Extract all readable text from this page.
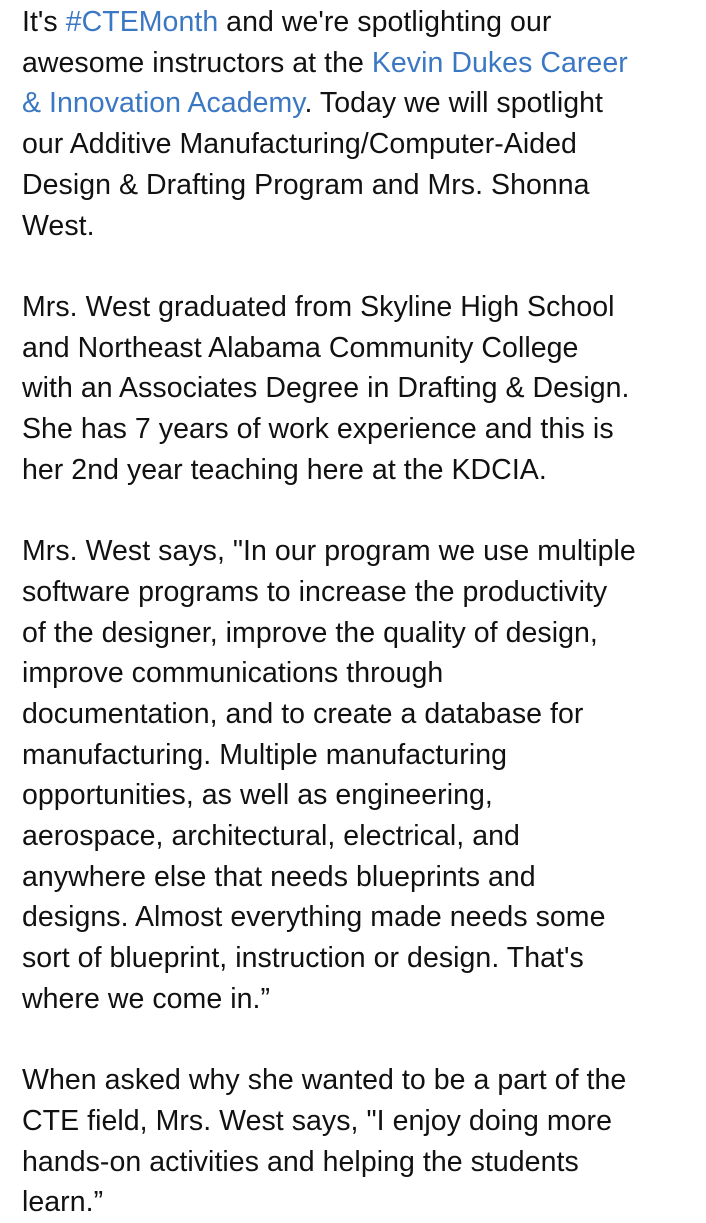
It's #CTEMonth and we're spotlighting our
awesome instructors at the Kevin Dukes Career
& Innovation Academy. Today we will spotlight
our Additive Manufacturing/Computer-Aided
Design & Drafting Program and Mrs. Shonna
West.

Mrs. West graduated from Skyline High School
and Northeast Alabama Community College
with an Associates Degree in Drafting & Design.
She has 7 years of work experience and this is
her 2nd year teaching here at the KDCIA.

Mrs. West says, "In our program we use multiple
software programs to increase the productivity
of the designer, improve the quality of design,
improve communications through
documentation, and to create a database for
manufacturing. Multiple manufacturing
opportunities, as well as engineering,
aerospace, architectural, electrical, and
anywhere else that needs blueprints and
designs. Almost everything made needs some
sort of blueprint, instruction or design. That's
where we come in.”

When asked why she wanted to be a part of the
CTE field, Mrs. West says, "I enjoy doing more
hands-on activities and helping the students
learn.”
